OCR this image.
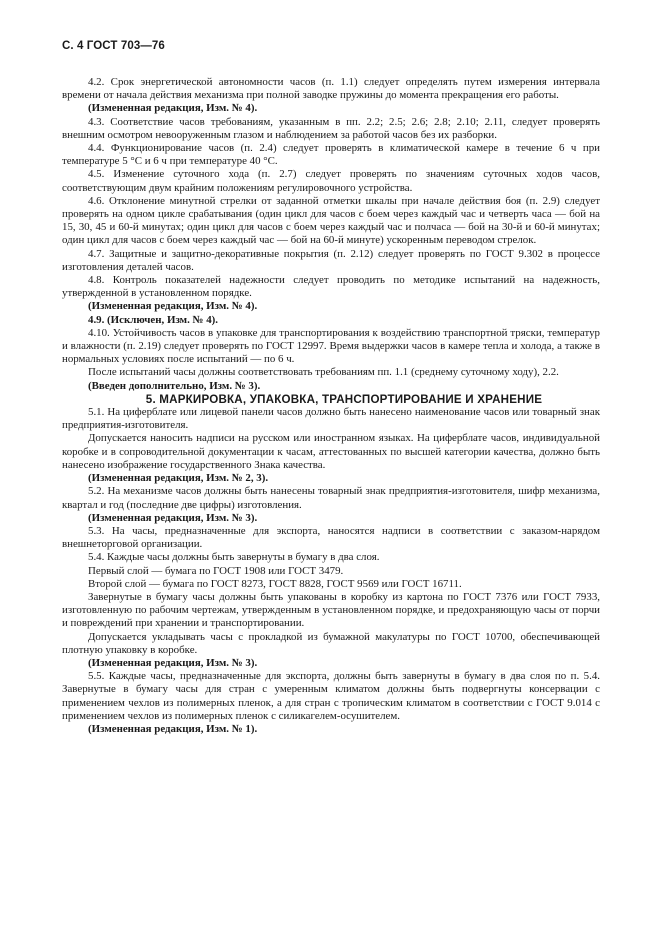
С. 4 ГОСТ 703—76

4.2. Срок энергетической автономности часов (п. 1.1) следует определять путем измерения интервала времени от начала действия механизма при полной заводке пружины до момента прекращения его работы.

(Измененная редакция, Изм. № 4).

4.3. Соответствие часов требованиям, указанным в пп. 2.2; 2.5; 2.6; 2.8; 2.10; 2.11, следует проверять внешним осмотром невооруженным глазом и наблюдением за работой часов без их разборки.

4.4. Функционирование часов (п. 2.4) следует проверять в климатической камере в течение 6 ч при температуре 5 °С и 6 ч при температуре 40 °С.

4.5. Изменение суточного хода (п. 2.7) следует проверять по значениям суточных ходов часов, соответствующим двум крайним положениям регулировочного устройства.

4.6. Отклонение минутной стрелки от заданной отметки шкалы при начале действия боя (п. 2.9) следует проверять на одном цикле срабатывания (один цикл для часов с боем через каждый час и четверть часа — бой на 15, 30, 45 и 60-й минутах; один цикл для часов с боем через каждый час и полчаса — бой на 30-й и 60-й минутах; один цикл для часов с боем через каждый час — бой на 60-й минуте) ускоренным переводом стрелок.

4.7. Защитные и защитно-декоративные покрытия (п. 2.12) следует проверять по ГОСТ 9.302 в процессе изготовления деталей часов.

4.8. Контроль показателей надежности следует проводить по методике испытаний на надежность, утвержденной в установленном порядке.

(Измененная редакция, Изм. № 4).

4.9. (Исключен, Изм. № 4).

4.10. Устойчивость часов в упаковке для транспортирования к воздействию транспортной тряски, температур и влажности (п. 2.19) следует проверять по ГОСТ 12997. Время выдержки часов в камере тепла и холода, а также в нормальных условиях после испытаний — по 6 ч.

После испытаний часы должны соответствовать требованиям пп. 1.1 (среднему суточному ходу), 2.2.

(Введен дополнительно, Изм. № 3).

5. МАРКИРОВКА, УПАКОВКА, ТРАНСПОРТИРОВАНИЕ И ХРАНЕНИЕ

5.1. На циферблате или лицевой панели часов должно быть нанесено наименование часов или товарный знак предприятия-изготовителя.

Допускается наносить надписи на русском или иностранном языках. На циферблате часов, индивидуальной коробке и в сопроводительной документации к часам, аттестованных по высшей категории качества, должно быть нанесено изображение государственного Знака качества.

(Измененная редакция, Изм. № 2, 3).

5.2. На механизме часов должны быть нанесены товарный знак предприятия-изготовителя, шифр механизма, квартал и год (последние две цифры) изготовления.

(Измененная редакция, Изм. № 3).

5.3. На часы, предназначенные для экспорта, наносятся надписи в соответствии с заказом-нарядом внешнеторговой организации.

5.4. Каждые часы должны быть завернуты в бумагу в два слоя.

Первый слой — бумага по ГОСТ 1908 или ГОСТ 3479.

Второй слой — бумага по ГОСТ 8273, ГОСТ 8828, ГОСТ 9569 или ГОСТ 16711.

Завернутые в бумагу часы должны быть упакованы в коробку из картона по ГОСТ 7376 или ГОСТ 7933, изготовленную по рабочим чертежам, утвержденным в установленном порядке, и предохраняющую часы от порчи и повреждений при хранении и транспортировании.

Допускается укладывать часы с прокладкой из бумажной макулатуры по ГОСТ 10700, обеспечивающей плотную упаковку в коробке.

(Измененная редакция, Изм. № 3).

5.5. Каждые часы, предназначенные для экспорта, должны быть завернуты в бумагу в два слоя по п. 5.4. Завернутые в бумагу часы для стран с умеренным климатом должны быть подвергнуты консервации с применением чехлов из полимерных пленок, а для стран с тропическим климатом в соответствии с ГОСТ 9.014 с применением чехлов из полимерных пленок с силикагелем-осушителем.

(Измененная редакция, Изм. № 1).
